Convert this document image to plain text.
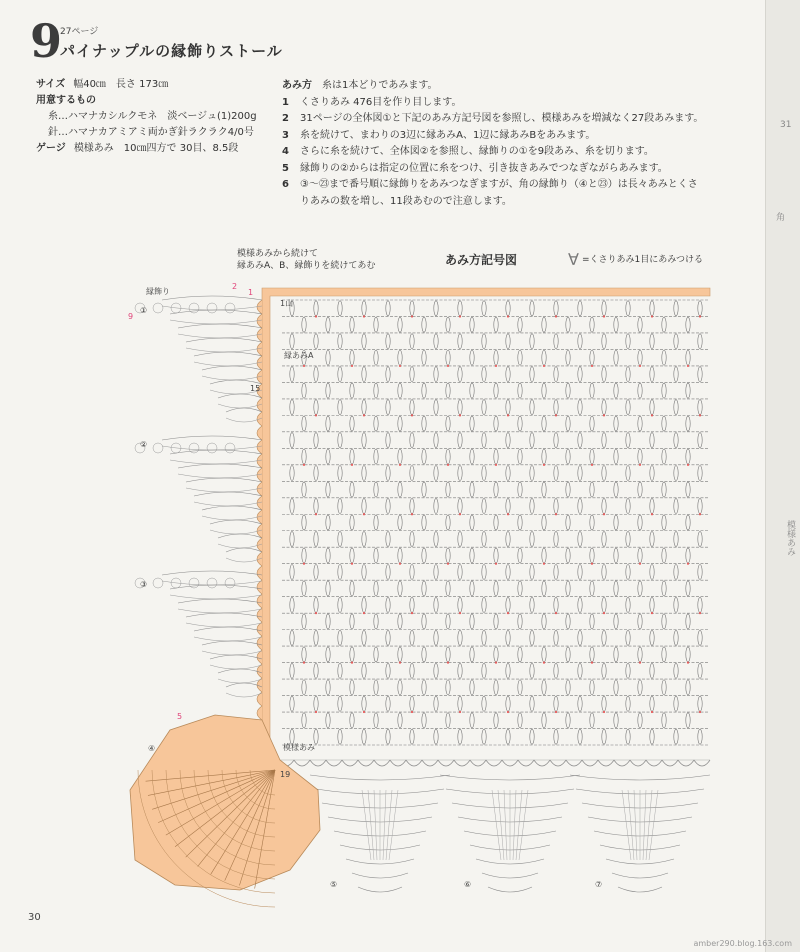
9
27ページ
パイナップルの縁飾りストール
サイズ 幅40㎝　長さ 173㎝
用意するもの
糸…ハマナカシルクモネ　淡ベージュ(1)200g
針…ハマナカアミアミ両かぎ針ラクラク4/0号
ゲージ 模様あみ　10㎝四方で 30目、8.5段
あみ方 糸は1本どりであみます。
1 くさりあみ 476目を作り目します。
2 31ページの全体図①と下記のあみ方記号図を参照し、模様あみを増減なく27段あみます。
3 糸を続けて、まわりの3辺に縁あみA、1辺に縁あみBをあみます。
4 さらに糸を続けて、全体図②を参照し、縁飾りの①を9段あみ、糸を切ります。
5 縁飾りの②からは指定の位置に糸をつけ、引き抜きあみでつなぎながらあみます。
6 ③〜㉓まで番号順に縁飾りをあみつなぎますが、角の縁飾り（④と㉓）は長々あみとくさ
りあみの数を増し、11段あむので注意します。
模様あみから続けて
縁あみA、B、縁飾りを続けてあむ	あみ方記号図	∀ =くさりあみ1目にあみつける
縁飾り
1山
縁あみA
模様あみ
①
②
③
④
⑤	⑥	⑦
2
1
5
9
15
19
30
31
角
模様あみ
amber290.blog.163.com
